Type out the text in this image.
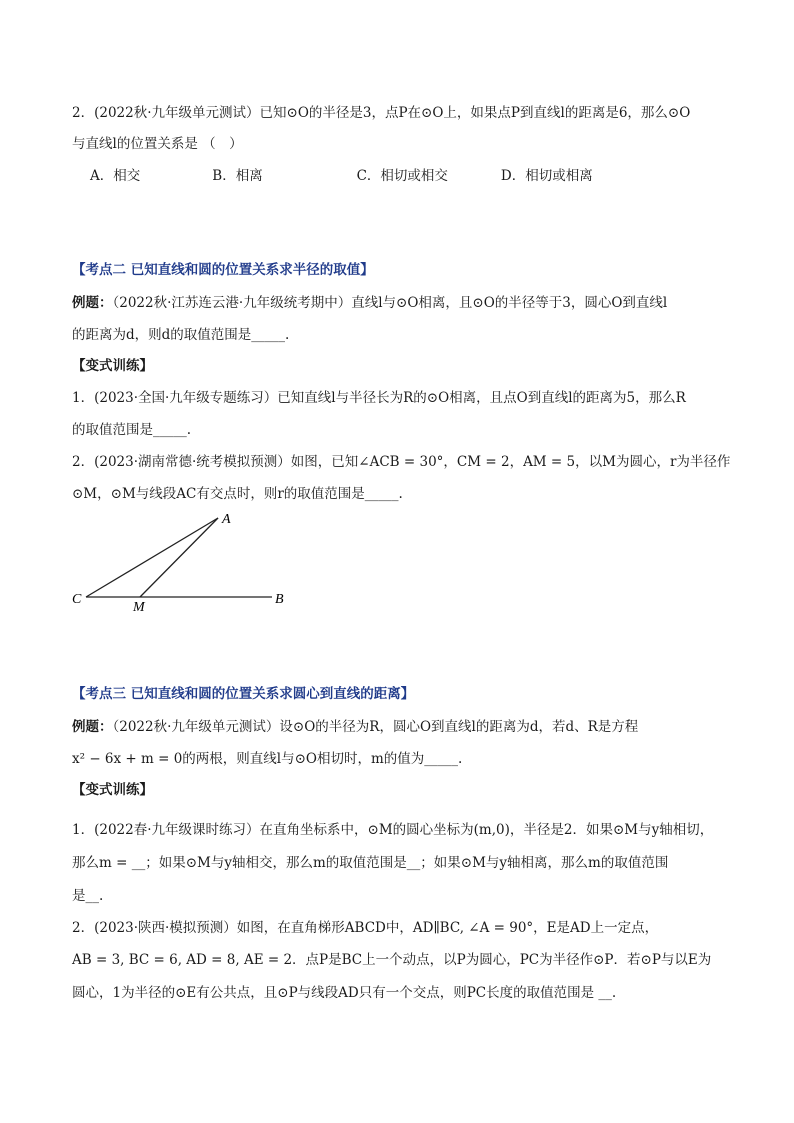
2．(2022秋·九年级单元测试）已知⊙O的半径是3，点P在⊙O上，如果点P到直线l的距离是6，那么⊙O
与直线l的位置关系是 （　）
A．相交	B．相离	C．相切或相交	D．相切或相离
【考点二 已知直线和圆的位置关系求半径的取值】
例题：（2022秋·江苏连云港·九年级统考期中）直线l与⊙O相离，且⊙O的半径等于3，圆心O到直线l
的距离为d，则d的取值范围是_____.
【变式训练】
1．(2023·全国·九年级专题练习）已知直线l与半径长为R的⊙O相离，且点O到直线l的距离为5，那么R
的取值范围是_____.
2．(2023·湖南常德·统考模拟预测）如图，已知∠ACB = 30°，CM = 2，AM = 5，以M为圆心，r为半径作
⊙M，⊙M与线段AC有交点时，则r的取值范围是_____.
A
C
M
B
【考点三 已知直线和圆的位置关系求圆心到直线的距离】
例题：（2022秋·九年级单元测试）设⊙O的半径为R，圆心O到直线l的距离为d，若d、R是方程
x² − 6x + m = 0的两根，则直线l与⊙O相切时，m的值为_____.
【变式训练】
1．(2022春·九年级课时练习）在直角坐标系中，⊙M的圆心坐标为(m,0)，半径是2．如果⊙M与y轴相切，
那么m = __；如果⊙M与y轴相交，那么m的取值范围是__；如果⊙M与y轴相离，那么m的取值范围
是__.
2．(2023·陕西·模拟预测）如图，在直角梯形ABCD中，AD∥BC, ∠A = 90°，E是AD上一定点，
AB = 3, BC = 6, AD = 8, AE = 2．点P是BC上一个动点，以P为圆心，PC为半径作⊙P．若⊙P与以E为
圆心，1为半径的⊙E有公共点，且⊙P与线段AD只有一个交点，则PC长度的取值范围是 __.
